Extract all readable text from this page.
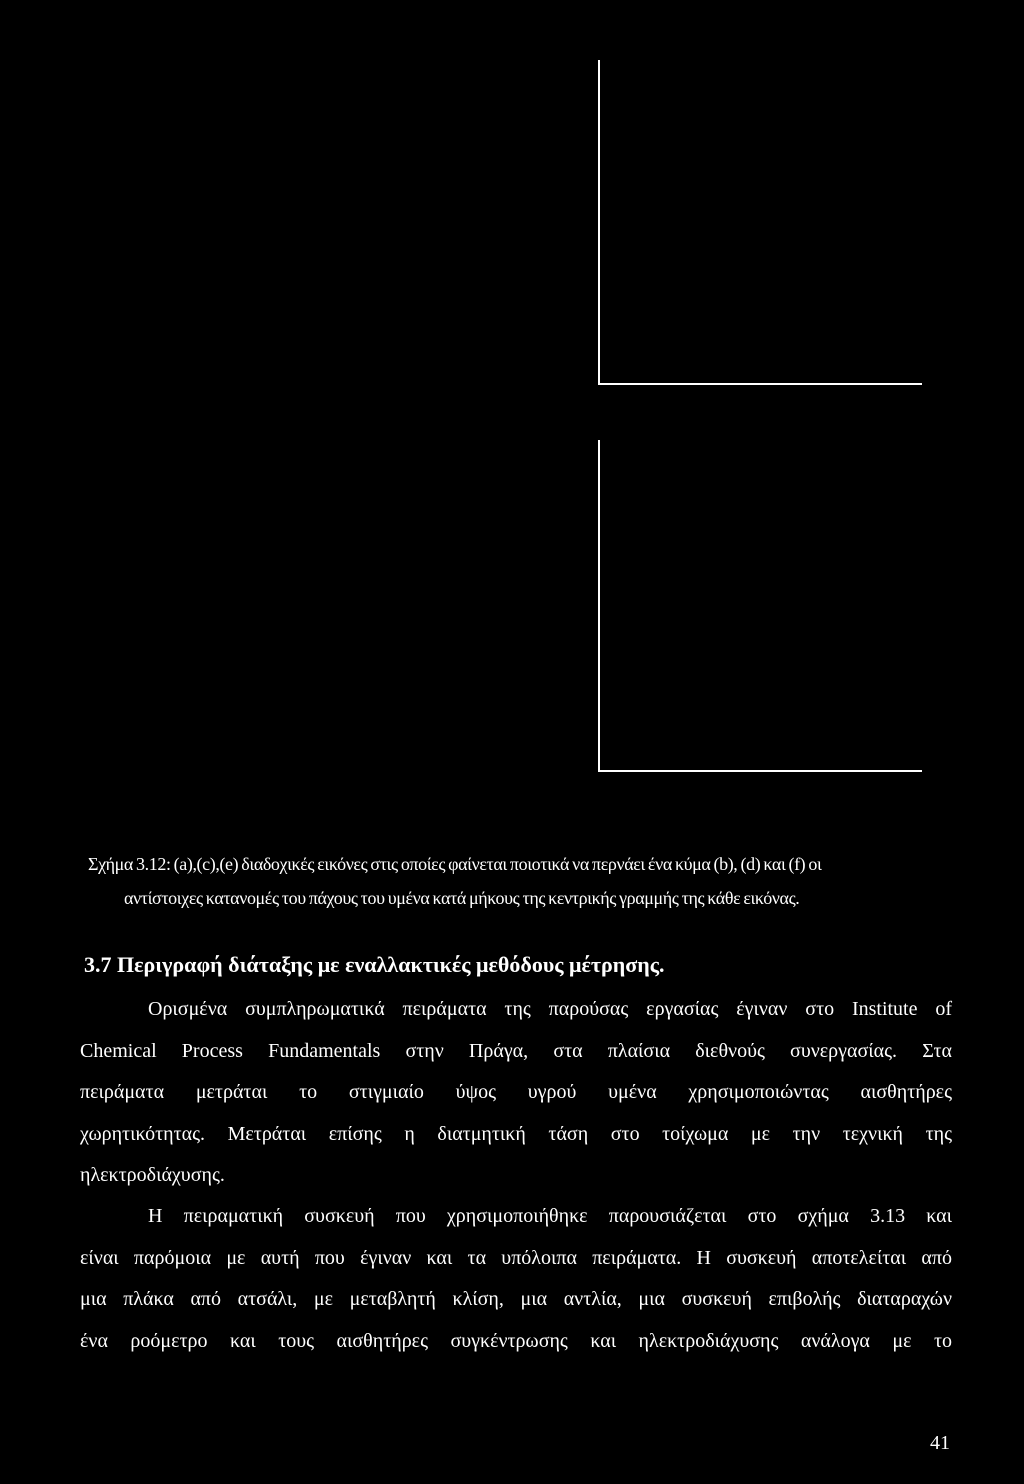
Σχήμα 3.12: (a),(c),(e) διαδοχικές εικόνες στις οποίες φαίνεται ποιοτικά να περνάει ένα κύμα (b), (d) και (f) οι
αντίστοιχες κατανομές του πάχους του υμένα κατά μήκους της κεντρικής γραμμής της κάθε εικόνας.
3.7 Περιγραφή διάταξης με εναλλακτικές μεθόδους μέτρησης.
Ορισμένα συμπληρωματικά πειράματα της παρούσας εργασίας έγιναν στο Institute of
Chemical Process Fundamentals στην Πράγα, στα πλαίσια διεθνούς συνεργασίας. Στα
πειράματα μετράται το στιγμιαίο ύψος υγρού υμένα χρησιμοποιώντας αισθητήρες
χωρητικότητας. Μετράται επίσης η διατμητική τάση στο τοίχωμα με την τεχνική της
ηλεκτροδιάχυσης.
Η πειραματική συσκευή που χρησιμοποιήθηκε παρουσιάζεται στο σχήμα 3.13 και
είναι παρόμοια με αυτή που έγιναν και τα υπόλοιπα πειράματα. Η συσκευή αποτελείται από
μια πλάκα από ατσάλι, με μεταβλητή κλίση, μια αντλία, μια συσκευή επιβολής διαταραχών
ένα ροόμετρο και τους αισθητήρες συγκέντρωσης και ηλεκτροδιάχυσης ανάλογα με το
41
